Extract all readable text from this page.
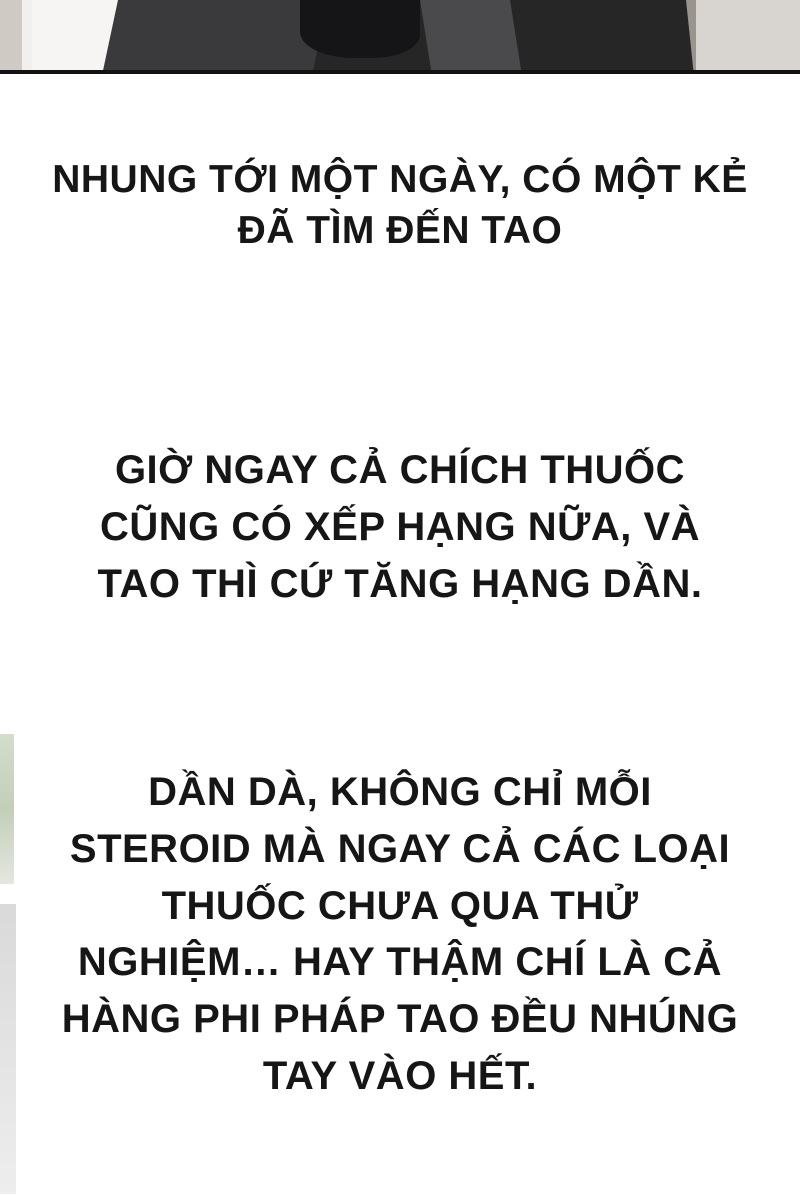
NHUNG TỚI MỘT NGÀY, CÓ MỘT KẺ ĐÃ TÌM ĐẾN TAO
GIỜ NGAY CẢ CHÍCH THUỐC CŨNG CÓ XẾP HẠNG NỮA, VÀ TAO THÌ CỨ TĂNG HẠNG DẦN.
DẦN DÀ, KHÔNG CHỈ MỖI STEROID MÀ NGAY CẢ CÁC LOẠI THUỐC CHƯA QUA THỬ NGHIỆM… HAY THẬM CHÍ LÀ CẢ HÀNG PHI PHÁP TAO ĐỀU NHÚNG TAY VÀO HẾT.
